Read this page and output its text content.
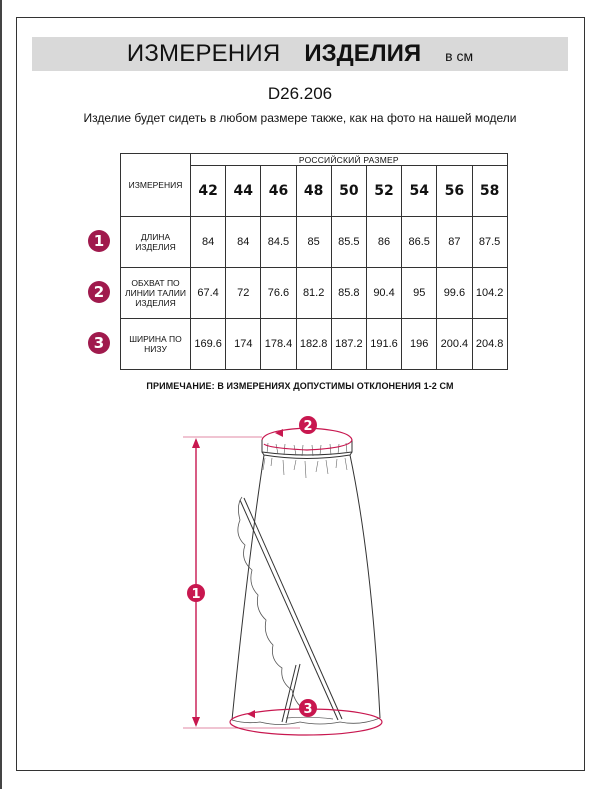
ИЗМЕРЕНИЯ ИЗДЕЛИЯ в см
D26.206
Изделие будет сидеть в любом размере также, как на фото на нашей модели
ИЗМЕРЕНИЯ	РОССИЙСКИЙ РАЗМЕР								
	42	44	46	48	50	52	54	56	58
ДЛИНА ИЗДЕЛИЯ	84	84	84.5	85	85.5	86	86.5	87	87.5
ОБХВАТ ПО ЛИНИИ ТАЛИИ ИЗДЕЛИЯ	67.4	72	76.6	81.2	85.8	90.4	95	99.6	104.2
ШИРИНА ПО НИЗУ	169.6	174	178.4	182.8	187.2	191.6	196	200.4	204.8
1
2
3
ПРИМЕЧАНИЕ: В ИЗМЕРЕНИЯХ ДОПУСТИМЫ ОТКЛОНЕНИЯ 1-2 СМ
1
2
3
